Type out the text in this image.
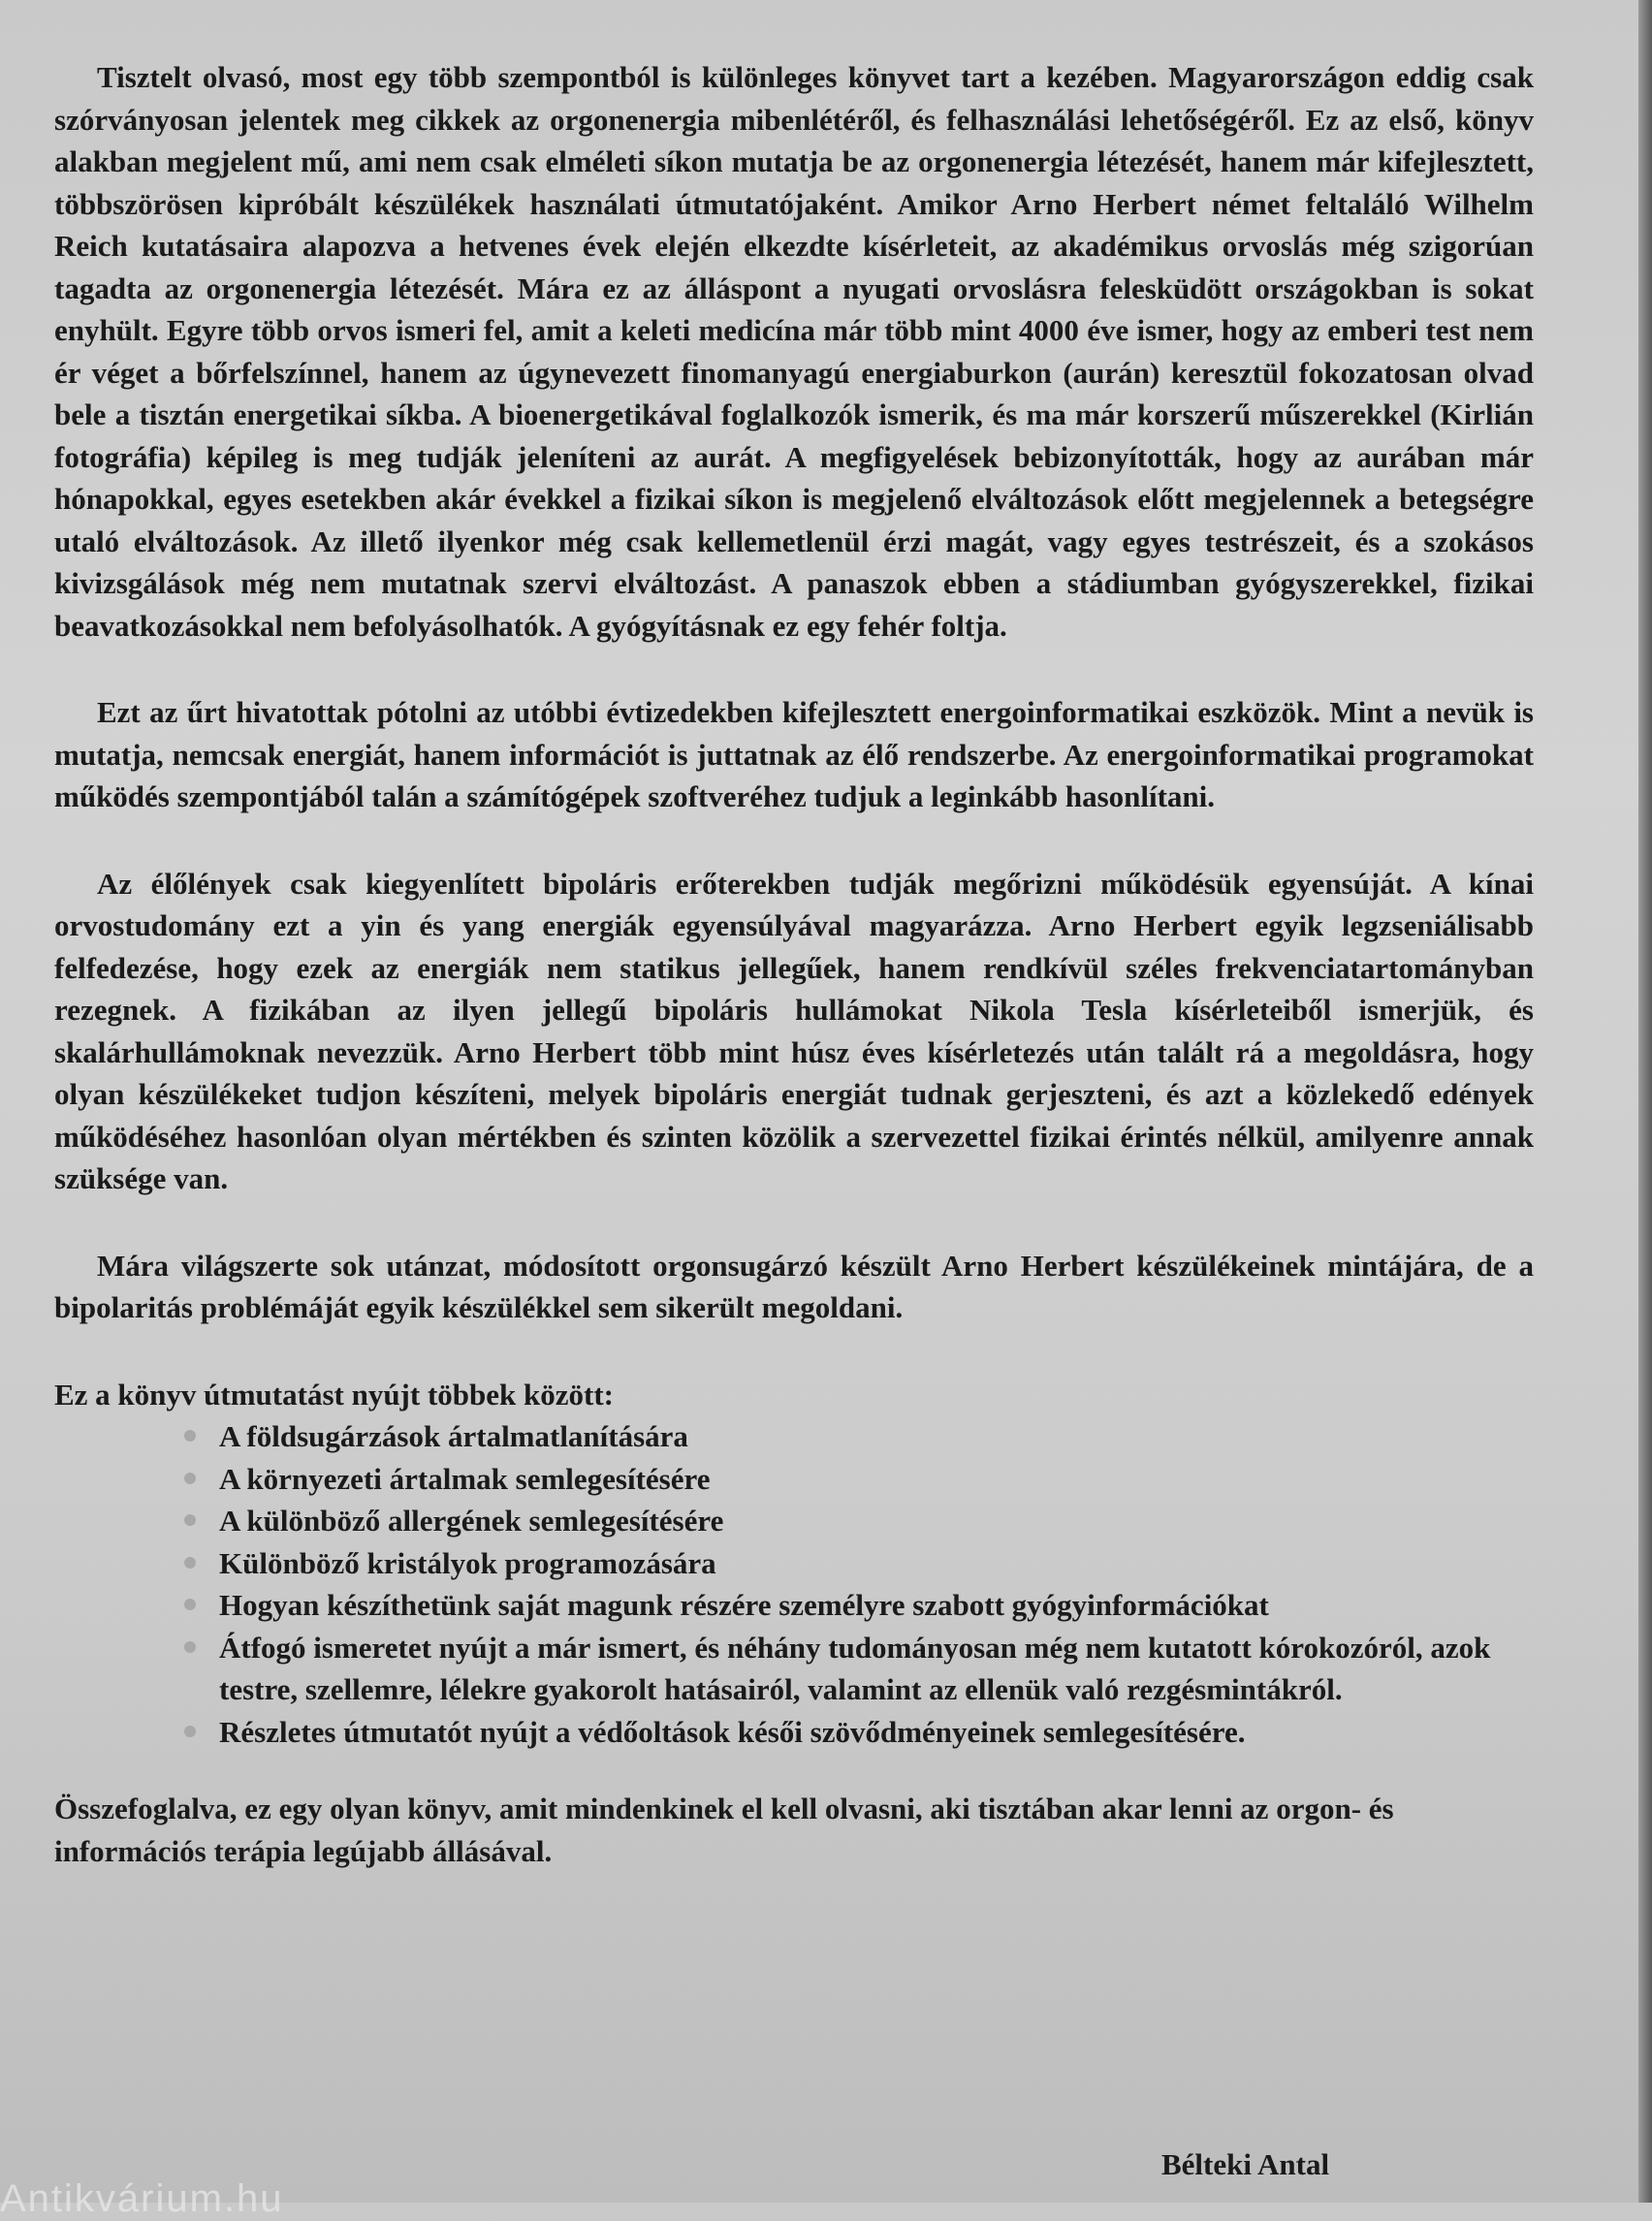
Tisztelt olvasó, most egy több szempontból is különleges könyvet tart a kezében. Magyarországon eddig csak szórványosan jelentek meg cikkek az orgonenergia mibenlétéről, és felhasználási lehetőségéről. Ez az első, könyv alakban megjelent mű, ami nem csak elméleti síkon mutatja be az orgonenergia létezését, hanem már kifejlesztett, többszörösen kipróbált készülékek használati útmutatójaként. Amikor Arno Herbert német feltaláló Wilhelm Reich kutatásaira alapozva a hetvenes évek elején elkezdte kísérleteit, az akadémikus orvoslás még szigorúan tagadta az orgonenergia létezését. Mára ez az álláspont a nyugati orvoslásra felesküdött országokban is sokat enyhült. Egyre több orvos ismeri fel, amit a keleti medicína már több mint 4000 éve ismer, hogy az emberi test nem ér véget a bőrfelszínnel, hanem az úgynevezett finomanyagú energiaburkon (aurán) keresztül fokozatosan olvad bele a tisztán energetikai síkba. A bioenergetikával foglalkozók ismerik, és ma már korszerű műszerekkel (Kirlián fotográfia) képileg is meg tudják jeleníteni az aurát. A megfigyelések bebizonyították, hogy az aurában már hónapokkal, egyes esetekben akár évekkel a fizikai síkon is megjelenő elváltozások előtt megjelennek a betegségre utaló elváltozások. Az illető ilyenkor még csak kellemetlenül érzi magát, vagy egyes testrészeit, és a szokásos kivizsgálások még nem mutatnak szervi elváltozást. A panaszok ebben a stádiumban gyógyszerekkel, fizikai beavatkozásokkal nem befolyásolhatók. A gyógyításnak ez egy fehér foltja.

Ezt az űrt hivatottak pótolni az utóbbi évtizedekben kifejlesztett energoinformatikai eszközök. Mint a nevük is mutatja, nemcsak energiát, hanem információt is juttatnak az élő rendszerbe. Az energoinformatikai programokat működés szempontjából talán a számítógépek szoftveréhez tudjuk a leginkább hasonlítani.

Az élőlények csak kiegyenlített bipoláris erőterekben tudják megőrizni működésük egyensúját. A kínai orvostudomány ezt a yin és yang energiák egyensúlyával magyarázza. Arno Herbert egyik legzseniálisabb felfedezése, hogy ezek az energiák nem statikus jellegűek, hanem rendkívül széles frekvenciatartományban rezegnek. A fizikában az ilyen jellegű bipoláris hullámokat Nikola Tesla kísérleteiből ismerjük, és skalárhullámoknak nevezzük. Arno Herbert több mint húsz éves kísérletezés után talált rá a megoldásra, hogy olyan készülékeket tudjon készíteni, melyek bipoláris energiát tudnak gerjeszteni, és azt a közlekedő edények működéséhez hasonlóan olyan mértékben és szinten közölik a szervezettel fizikai érintés nélkül, amilyenre annak szüksége van.

Mára világszerte sok utánzat, módosított orgonsugárzó készült Arno Herbert készülékeinek mintájára, de a bipolaritás problémáját egyik készülékkel sem sikerült megoldani.

Ez a könyv útmutatást nyújt többek között:

A földsugárzások ártalmatlanítására
A környezeti ártalmak semlegesítésére
A különböző allergének semlegesítésére
Különböző kristályok programozására
Hogyan készíthetünk saját magunk részére személyre szabott gyógyinformációkat
Átfogó ismeretet nyújt a már ismert, és néhány tudományosan még nem kutatott kórokozóról, azok testre, szellemre, lélekre gyakorolt hatásairól, valamint az ellenük való rezgésmintákról.
Részletes útmutatót nyújt a védőoltások késői szövődményeinek semlegesítésére.

Összefoglalva, ez egy olyan könyv, amit mindenkinek el kell olvasni, aki tisztában akar lenni az orgon- és információs terápia legújabb állásával.

Bélteki Antal
Antikvárium.hu
